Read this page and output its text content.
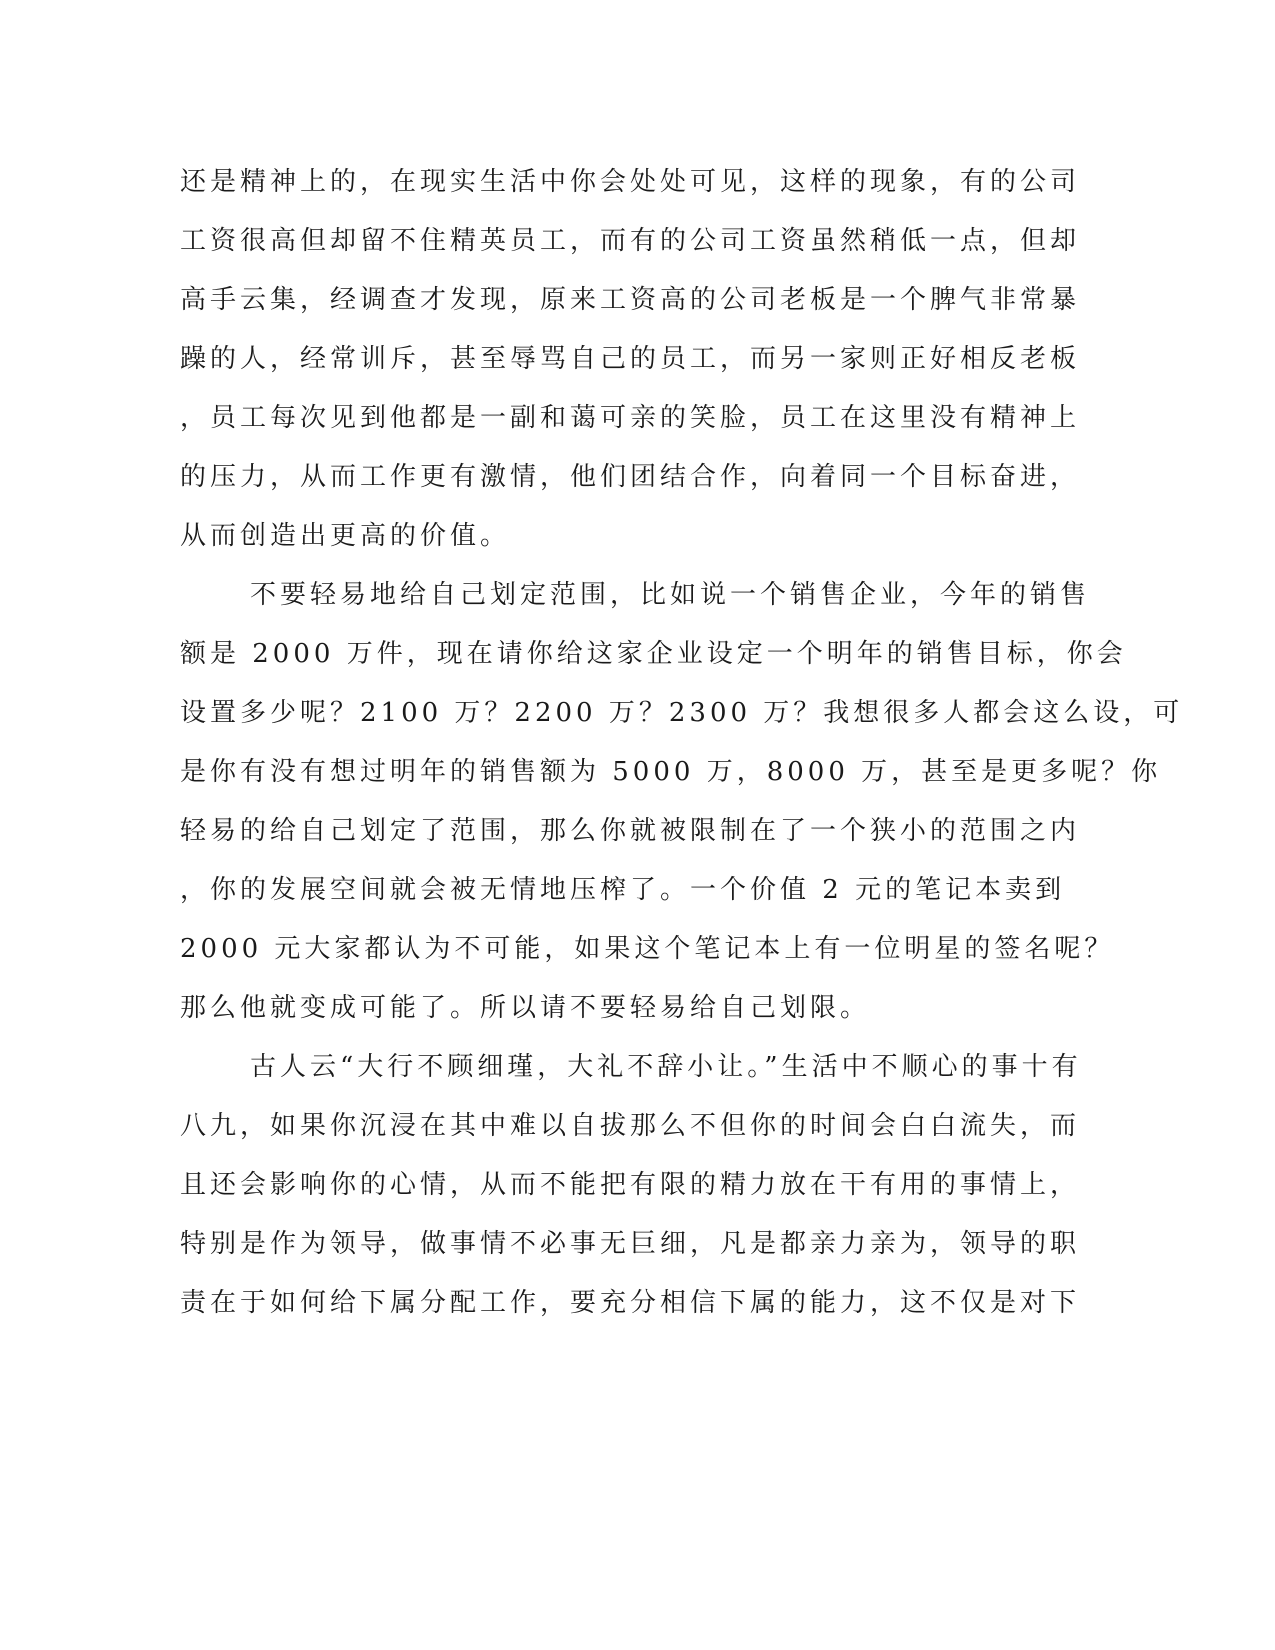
还是精神上的，在现实生活中你会处处可见，这样的现象，有的公司
工资很高但却留不住精英员工，而有的公司工资虽然稍低一点，但却
高手云集，经调查才发现，原来工资高的公司老板是一个脾气非常暴
躁的人，经常训斥，甚至辱骂自己的员工，而另一家则正好相反老板
，员工每次见到他都是一副和蔼可亲的笑脸，员工在这里没有精神上
的压力，从而工作更有激情，他们团结合作，向着同一个目标奋进，
从而创造出更高的价值。
不要轻易地给自己划定范围，比如说一个销售企业，今年的销售
额是 2000 万件，现在请你给这家企业设定一个明年的销售目标，你会
设置多少呢？2100 万？2200 万？2300 万？我想很多人都会这么设，可
是你有没有想过明年的销售额为 5000 万，8000 万，甚至是更多呢？你
轻易的给自己划定了范围，那么你就被限制在了一个狭小的范围之内
，你的发展空间就会被无情地压榨了。一个价值 2 元的笔记本卖到
2000 元大家都认为不可能，如果这个笔记本上有一位明星的签名呢？
那么他就变成可能了。所以请不要轻易给自己划限。
古人云“大行不顾细瑾，大礼不辞小让。”生活中不顺心的事十有
八九，如果你沉浸在其中难以自拔那么不但你的时间会白白流失，而
且还会影响你的心情，从而不能把有限的精力放在干有用的事情上，
特别是作为领导，做事情不必事无巨细，凡是都亲力亲为，领导的职
责在于如何给下属分配工作，要充分相信下属的能力，这不仅是对下
